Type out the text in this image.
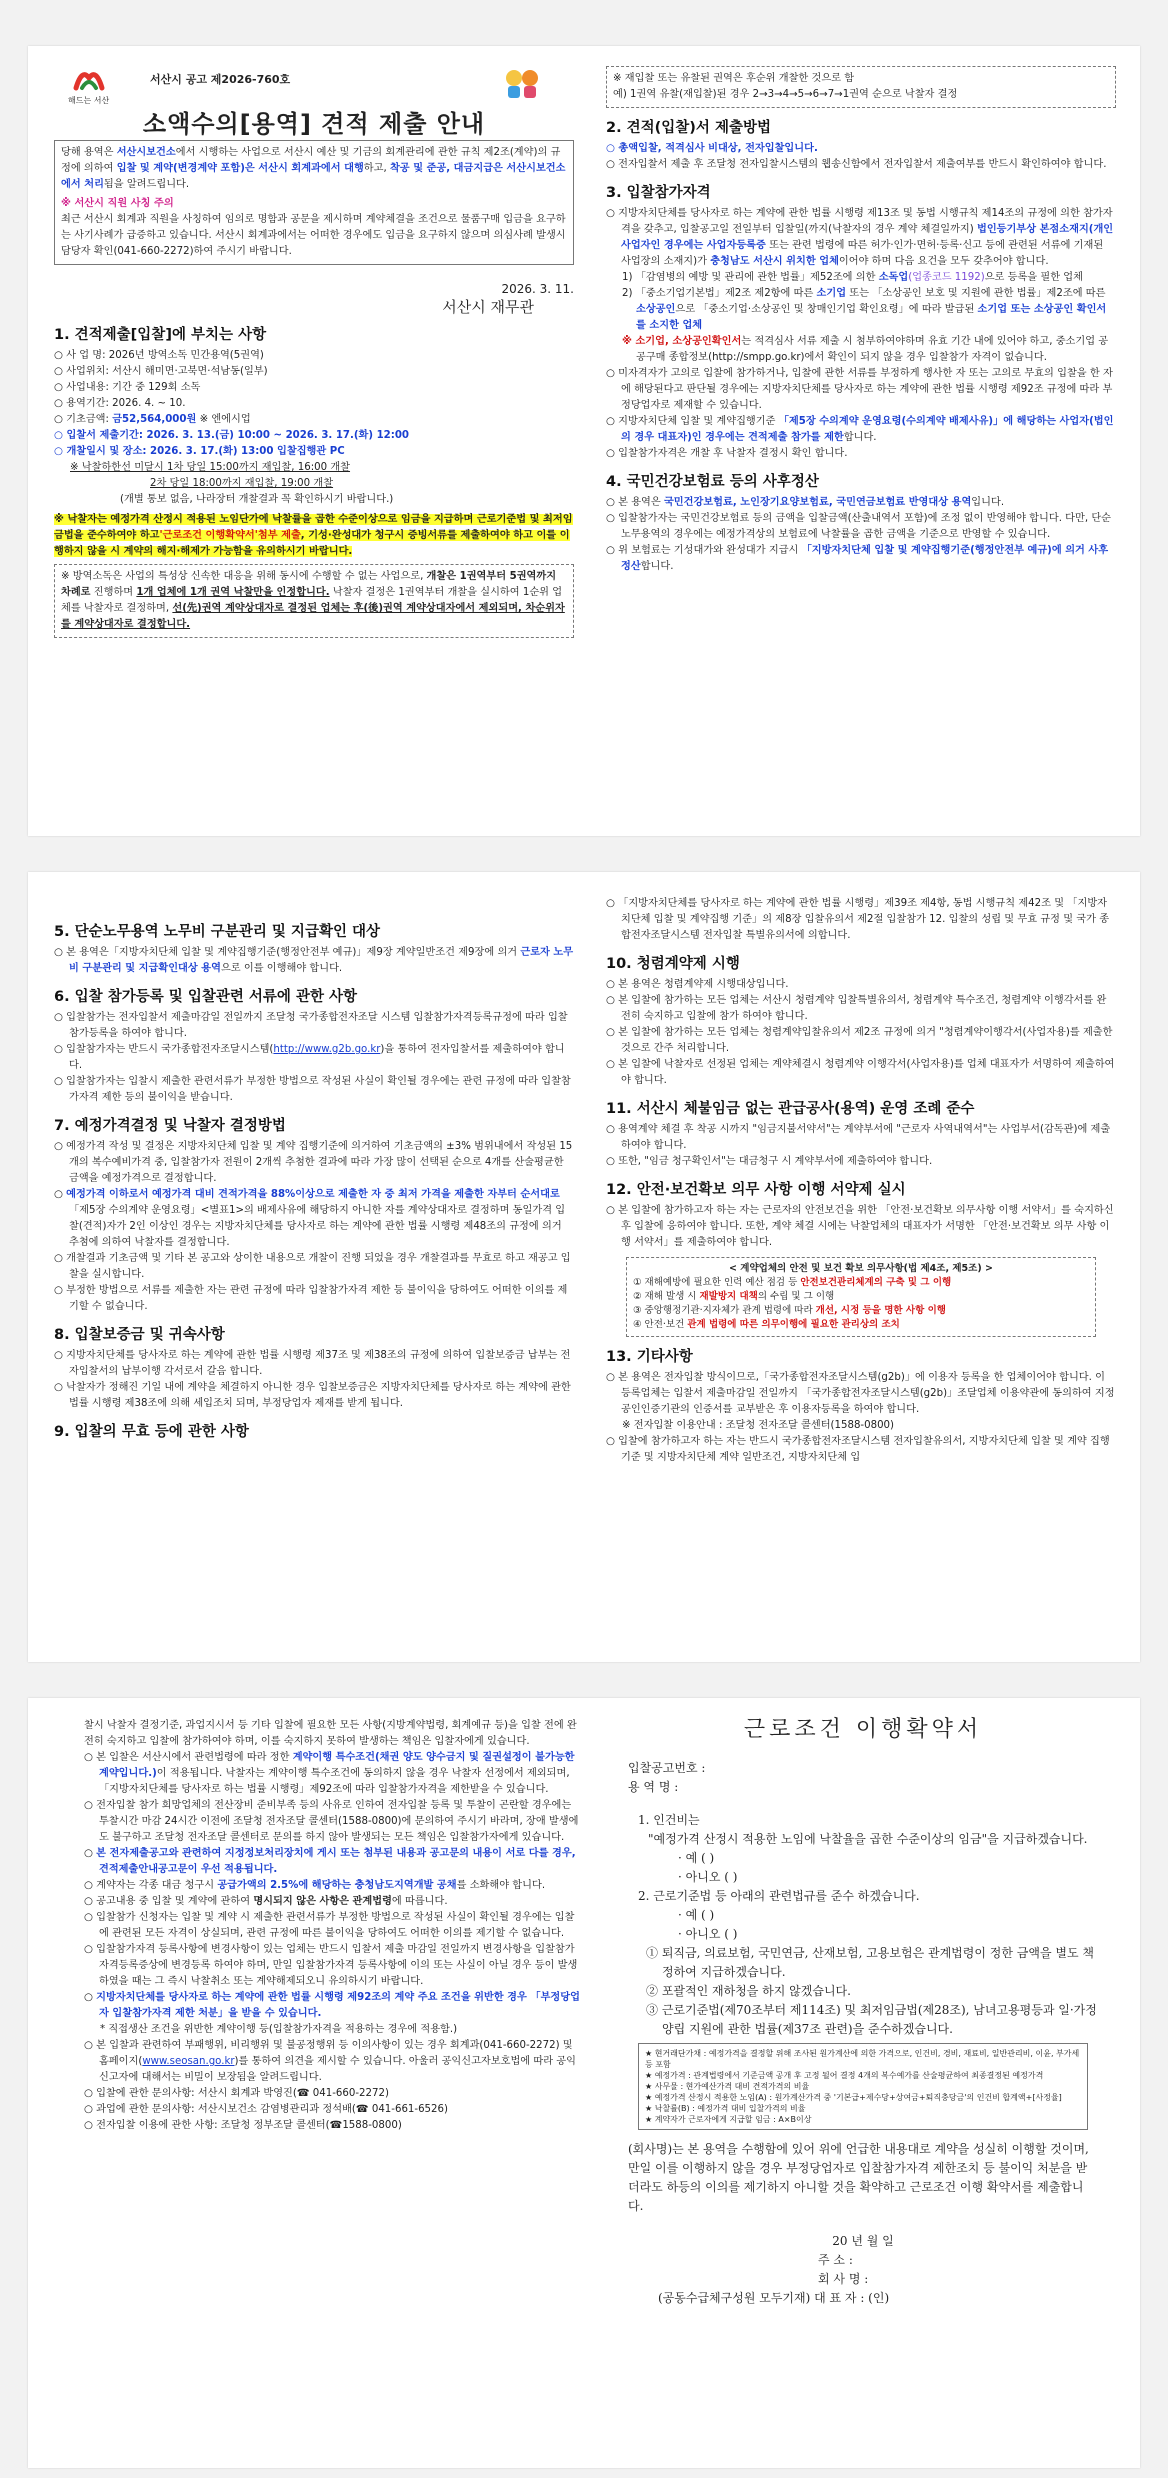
해드는 서산
서산시 공고 제2026-760호
소액수의[용역] 견적 제출 안내

당해 용역은 서산시보건소에서 시행하는 사업으로 서산시 예산 및 기금의 회계관리에 관한 규칙 제2조(계약)의 규정에 의하여 입찰 및 계약(변경계약 포함)은 서산시 회계과에서 대행하고, 착공 및 준공, 대금지급은 서산시보건소에서 처리됨을 알려드립니다.

※ 서산시 직원 사칭 주의

최근 서산시 회계과 직원을 사칭하여 임의로 명함과 공문을 제시하며 계약체결을 조건으로 물품구매 입금을 요구하는 사기사례가 급증하고 있습니다. 서산시 회계과에서는 어떠한 경우에도 입금을 요구하지 않으며 의심사례 발생시 담당자 확인(041-660-2272)하여 주시기 바랍니다.

2026. 3. 11.

서산시 재무관

1. 견적제출[입찰]에 부치는 사항

○ 사 업 명: 2026년 방역소독 민간용역(5권역)

○ 사업위치: 서산시 해미면·고북면·석남동(일부)

○ 사업내용: 기간 중 129회 소독

○ 용역기간: 2026. 4. ~ 10.

○ 기초금액: 금52,564,000원 ※ 엔에시업

○ 입찰서 제출기간: 2026. 3. 13.(금) 10:00 ~ 2026. 3. 17.(화) 12:00

○ 개찰일시 및 장소: 2026. 3. 17.(화) 13:00 입찰집행관 PC

※ 낙찰하한선 미달시 1차 당일 15:00까지 재입찰, 16:00 개찰

2차 당일 18:00까지 재입찰, 19:00 개찰

(개별 통보 없음, 나라장터 개찰결과 꼭 확인하시기 바랍니다.)

※ 낙찰자는 예정가격 산정시 적용된 노임단가에 낙찰률을 곱한 수준이상으로 임금을 지급하며 근로기준법 및 최저임금법을 준수하여야 하고'근로조건 이행확약서'첨부 제출, 기성·완성대가 청구시 증빙서류를 제출하여야 하고 이를 이행하지 않을 시 계약의 해지·해제가 가능함을 유의하시기 바랍니다.

※ 방역소독은 사업의 특성상 신속한 대응을 위해 동시에 수행할 수 없는 사업으로, 개찰은 1권역부터 5권역까지 차례로 진행하며 1개 업체에 1개 권역 낙찰만을 인정합니다. 낙찰자 결정은 1권역부터 개찰을 실시하여 1순위 업체를 낙찰자로 결정하며, 선(先)권역 계약상대자로 결정된 업체는 후(後)권역 계약상대자에서 제외되며, 차순위자를 계약상대자로 결정합니다.

※ 재입찰 또는 유찰된 권역은 후순위 개찰한 것으로 함

예) 1권역 유찰(재입찰)된 경우 2→3→4→5→6→7→1권역 순으로 낙찰자 결정

2. 견적(입찰)서 제출방법

○ 총액입찰, 적격심사 비대상, 전자입찰입니다.

○ 전자입찰서 제출 후 조달청 전자입찰시스템의 웹송신함에서 전자입찰서 제출여부를 반드시 확인하여야 합니다.

3. 입찰참가자격

○ 지방자치단체를 당사자로 하는 계약에 관한 법률 시행령 제13조 및 동법 시행규칙 제14조의 규정에 의한 참가자격을 갖추고, 입찰공고일 전일부터 입찰일(까지(낙찰자의 경우 계약 체결일까지) 법인등기부상 본점소재지(개인사업자인 경우에는 사업자등록증 또는 관련 법령에 따른 허가·인가·면허·등록·신고 등에 관련된 서류에 기재된 사업장의 소재지)가 충청남도 서산시 위치한 업체이어야 하며 다음 요건을 모두 갖추어야 합니다.

1) 「감염병의 예방 및 관리에 관한 법률」제52조에 의한 소독업(업종코드 1192)으로 등록을 필한 업체

2) 「중소기업기본법」제2조 제2항에 따른 소기업 또는 「소상공인 보호 및 지원에 관한 법률」제2조에 따른 소상공인으로 「중소기업·소상공인 및 창매인기업 확인요령」에 따라 발급된 소기업 또는 소상공인 확인서를 소지한 업체

※ 소기업, 소상공인확인서는 적격심사 서류 제출 시 첨부하여야하며 유효 기간 내에 있어야 하고, 중소기업 공공구매 종합정보(http://smpp.go.kr)에서 확인이 되지 않을 경우 입찰참가 자격이 없습니다.

○ 미자격자가 고의로 입찰에 참가하거나, 입찰에 관한 서류를 부정하게 행사한 자 또는 고의로 무효의 입찰을 한 자에 해당된다고 판단될 경우에는 지방자치단체를 당사자로 하는 계약에 관한 법률 시행령 제92조 규정에 따라 부정당업자로 제재할 수 있습니다.

○ 지방자치단체 입찰 및 계약집행기준 「제5장 수의계약 운영요령(수의계약 배제사유)」에 해당하는 사업자(법인의 경우 대표자)인 경우에는 견적제출 참가를 제한합니다.

○ 입찰참가자격은 개찰 후 낙찰자 결정시 확인 합니다.

4. 국민건강보험료 등의 사후정산

○ 본 용역은 국민건강보험료, 노인장기요양보험료, 국민연금보험료 반영대상 용역입니다.

○ 입찰참가자는 국민건강보험료 등의 금액을 입찰금액(산출내역서 포함)에 조정 없이 반영해야 합니다. 다만, 단순노무용역의 경우에는 예정가격상의 보험료에 낙찰률을 곱한 금액을 기준으로 반영할 수 있습니다.

○ 위 보험료는 기성대가와 완성대가 지급시 「지방자치단체 입찰 및 계약집행기준(행정안전부 예규)에 의거 사후정산합니다.

5. 단순노무용역 노무비 구분관리 및 지급확인 대상

○ 본 용역은「지방자치단체 입찰 및 계약집행기준(행정안전부 예규)」제9장 계약일반조건 제9장에 의거 근로자 노무비 구분관리 및 지급확인대상 용역으로 이를 이행해야 합니다.

6. 입찰 참가등록 및 입찰관련 서류에 관한 사항

○ 입찰참가는 전자입찰서 제출마감일 전일까지 조달청 국가종합전자조달 시스템 입찰참가자격등록규정에 따라 입찰참가등록을 하여야 합니다.

○ 입찰참가자는 반드시 국가종합전자조달시스템(http://www.g2b.go.kr)을 통하여 전자입찰서를 제출하여야 합니다.

○ 입찰참가자는 입찰시 제출한 관련서류가 부정한 방법으로 작성된 사실이 확인될 경우에는 관련 규정에 따라 입찰참가자격 제한 등의 불이익을 받습니다.

7. 예정가격결정 및 낙찰자 결정방법

○ 예정가격 작성 및 결정은 지방자치단체 입찰 및 계약 집행기준에 의거하여 기초금액의 ±3% 범위내에서 작성된 15개의 복수예비가격 중, 입찰참가자 전원이 2개씩 추첨한 결과에 따라 가장 많이 선택된 순으로 4개를 산술평균한 금액을 예정가격으로 결정합니다.

○ 예정가격 이하로서 예정가격 대비 견적가격을 88%이상으로 제출한 자 중 최저 가격을 제출한 자부터 순서대로 「제5장 수의계약 운영요령」<별표1>의 배제사유에 해당하지 아니한 자를 계약상대자로 결정하며 동일가격 입찰(견적)자가 2인 이상인 경우는 지방자치단체를 당사자로 하는 계약에 관한 법률 시행령 제48조의 규정에 의거 추첨에 의하여 낙찰자를 결정합니다.

○ 개찰결과 기초금액 및 기타 본 공고와 상이한 내용으로 개찰이 진행 되었을 경우 개찰결과를 무효로 하고 재공고 입찰을 실시합니다.

○ 부정한 방법으로 서류를 제출한 자는 관련 규정에 따라 입찰참가자격 제한 등 불이익을 당하여도 어떠한 이의를 제기할 수 없습니다.

8. 입찰보증금 및 귀속사항

○ 지방자치단체를 당사자로 하는 계약에 관한 법률 시행령 제37조 및 제38조의 규정에 의하여 입찰보증금 납부는 전자입찰서의 납부이행 각서로서 갈음 합니다.

○ 낙찰자가 정해진 기일 내에 계약을 체결하지 아니한 경우 입찰보증금은 지방자치단체를 당사자로 하는 계약에 관한 법률 시행령 제38조에 의해 세입조치 되며, 부정당업자 제재를 받게 됩니다.

9. 입찰의 무효 등에 관한 사항

○ 「지방자치단체를 당사자로 하는 계약에 관한 법률 시행령」제39조 제4항, 동법 시행규칙 제42조 및 「지방자치단체 입찰 및 계약집행 기준」의 제8장 입찰유의서 제2절 입찰참가 12. 입찰의 성립 및 무효 규정 및 국가 종합전자조달시스템 전자입찰 특별유의서에 의합니다.

10. 청렴계약제 시행

○ 본 용역은 청렴계약제 시행대상입니다.

○ 본 입찰에 참가하는 모든 업체는 서산시 청렴계약 입찰특별유의서, 청렴계약 특수조건, 청렴계약 이행각서를 완전히 숙지하고 입찰에 참가 하여야 합니다.

○ 본 입찰에 참가하는 모든 업체는 청렴계약입찰유의서 제2조 규정에 의거 "청렴계약이행각서(사업자용)를 제출한 것으로 간주 처리합니다.

○ 본 입찰에 낙찰자로 선정된 업체는 계약체결시 청렴계약 이행각서(사업자용)를 업체 대표자가 서명하여 제출하여야 합니다.

11. 서산시 체불임금 없는 관급공사(용역) 운영 조례 준수

○ 용역계약 체결 후 착공 시까지 "임금지불서약서"는 계약부서에 "근로자 사역내역서"는 사업부서(감독관)에 제출하여야 합니다.

○ 또한, "임금 청구확인서"는 대금청구 시 계약부서에 제출하여야 합니다.

12. 안전·보건확보 의무 사항 이행 서약제 실시

○ 본 입찰에 참가하고자 하는 자는 근로자의 안전보건을 위한 「안전·보건확보 의무사항 이행 서약서」를 숙지하신 후 입찰에 응하여야 합니다. 또한, 계약 체결 시에는 낙찰업체의 대표자가 서명한 「안전·보건확보 의무 사항 이행 서약서」를 제출하여야 합니다.

< 계약업체의 안전 및 보건 확보 의무사항(법 제4조, 제5조) >

① 재해예방에 필요한 인력 예산 점검 등 안전보건관리체계의 구축 및 그 이행

② 재해 발생 시 재발방지 대책의 수립 및 그 이행

③ 중앙행정기관·지자체가 관계 법령에 따라 개선, 시정 등을 명한 사항 이행

④ 안전·보건 관계 법령에 따른 의무이행에 필요한 관리상의 조치

13. 기타사항

○ 본 용역은 전자입찰 방식이므로,「국가종합전자조달시스템(g2b)」에 이용자 등록을 한 업체이어야 합니다. 이 등록업체는 입찰서 제출마감일 전일까지 「국가종합전자조달시스템(g2b)」조달업체 이용약관에 동의하여 지정공인인증기관의 인증서를 교부받은 후 이용자등록을 하여야 합니다.

※ 전자입찰 이용안내 : 조달청 전자조달 콜센터(1588-0800)

○ 입찰에 참가하고자 하는 자는 반드시 국가종합전자조달시스템 전자입찰유의서, 지방자치단체 입찰 및 계약 집행기준 및 지방자치단체 계약 일반조건, 지방자치단체 입

찰시 낙찰자 결정기준, 과업지시서 등 기타 입찰에 필요한 모든 사항(지방계약법령, 회계예규 등)을 입찰 전에 완전히 숙지하고 입찰에 참가하여야 하며, 이를 숙지하지 못하여 발생하는 책임은 입찰자에게 있습니다.

○ 본 입찰은 서산시에서 관련법령에 따라 정한 계약이행 특수조건(채권 양도 양수금지 및 질권설정이 불가능한 계약입니다.)이 적용됩니다. 낙찰자는 계약이행 특수조건에 동의하지 않을 경우 낙찰자 선정에서 제외되며,「지방자치단체를 당사자로 하는 법률 시행령」제92조에 따라 입찰참가자격을 제한받을 수 있습니다.

○ 전자입찰 참가 희망업체의 전산장비 준비부족 등의 사유로 인하여 전자입찰 등록 및 투찰이 곤란할 경우에는 투찰시간 마감 24시간 이전에 조달청 전자조달 콜센터(1588-0800)에 문의하여 주시기 바라며, 장애 발생에도 불구하고 조달청 전자조달 콜센터로 문의를 하지 않아 발생되는 모든 책임은 입찰참가자에게 있습니다.

○ 본 전자제출공고와 관련하여 지정정보처리장치에 게시 또는 첨부된 내용과 공고문의 내용이 서로 다를 경우, 견적제출안내공고문이 우선 적용됩니다.

○ 계약자는 각종 대금 청구시 공급가액의 2.5%에 해당하는 충청남도지역개발 공채를 소화해야 합니다.

○ 공고내용 중 입찰 및 계약에 관하여 명시되지 않은 사항은 관계법령에 따릅니다.

○ 입찰참가 신청자는 입찰 및 계약 시 제출한 관련서류가 부정한 방법으로 작성된 사실이 확인될 경우에는 입찰에 관련된 모든 자격이 상실되며, 관련 규정에 따른 불이익을 당하여도 어떠한 이의를 제기할 수 없습니다.

○ 입찰참가자격 등록사항에 변경사항이 있는 업체는 반드시 입찰서 제출 마감일 전일까지 변경사항을 입찰참가자격등록증상에 변경등록 하여야 하며, 만일 입찰참가자격 등록사항에 이의 또는 사실이 아닐 경우 등이 발생하였을 때는 그 즉시 낙찰취소 또는 계약해제되오니 유의하시기 바랍니다.

○ 지방자치단체를 당사자로 하는 계약에 관한 법률 시행령 제92조의 계약 주요 조건을 위반한 경우 「부정당업자 입찰참가자격 제한 처분」을 받을 수 있습니다.

* 직접생산 조건을 위반한 계약이행 등(입찰참가자격을 적용하는 경우에 적용함.)

○ 본 입찰과 관련하여 부패행위, 비리행위 및 불공정행위 등 이의사항이 있는 경우 회계과(041-660-2272) 및 홈페이지(www.seosan.go.kr)를 통하여 의견을 제시할 수 있습니다. 아울러 공익신고자보호법에 따라 공익신고자에 대해서는 비밀이 보장됨을 알려드립니다.

○ 입찰에 관한 문의사항: 서산시 회계과 박영진(☎ 041-660-2272)

○ 과업에 관한 문의사항: 서산시보건소 감염병관리과 정석배(☎ 041-661-6526)

○ 전자입찰 이용에 관한 사항: 조달청 정부조달 콜센터(☎1588-0800)

근로조건 이행확약서

입찰공고번호 :

용 역 명 :

1. 인건비는

"예정가격 산정시 적용한 노임에 낙찰율을 곱한 수준이상의 임금"을 지급하겠습니다.

· 예 ( )

· 아니오 ( )

2. 근로기준법 등 아래의 관련법규를 준수 하겠습니다.

· 예 ( )

· 아니오 ( )

① 퇴직금, 의료보험, 국민연금, 산재보험, 고용보험은 관계법령이 정한 금액을 별도 책정하여 지급하겠습니다.

② 포괄적인 재하청을 하지 않겠습니다.

③ 근로기준법(제70조부터 제114조) 및 최저임금법(제28조), 남녀고용평등과 일·가정 양립 지원에 관한 법률(제37조 관련)을 준수하겠습니다.

★ 현거래단가채 : 예정가격을 결정할 위해 조사된 원가계산에 의한 가격으로, 인건비, 경비, 재료비, 일반관리비, 이윤, 부가세 등 포함

★ 예정가격 : 관계법령에서 기준금액 공개 후 고정 될어 결정 4개의 복수예가를 산술평균하여 최종결정된 예정가격

★ 사무물 : 현가예산가격 대비 견적가격의 비율

★ 예정가격 산정시 적용한 노임(A) : 원가계산가격 중 '기본급+제수당+상여금+퇴직충당금'의 인건비 합계액+[사정율]

★ 낙찰률(B) : 예정가격 대비 입찰가격의 비율

★ 계약자가 근로자에게 지급할 임금 : A×B이상

(회사명)는 본 용역을 수행함에 있어 위에 언급한 내용대로 계약을 성실히 이행할 것이며, 만일 이를 이행하지 않을 경우 부정당업자로 입찰참가자격 제한조치 등 불이익 처분을 받더라도 하등의 이의를 제기하지 아니할 것을 확약하고 근로조건 이행 확약서를 제출합니다.

20 년 월 일

주 소 :

회 사 명 :

(공동수급체구성원 모두기재) 대 표 자 : (인)
